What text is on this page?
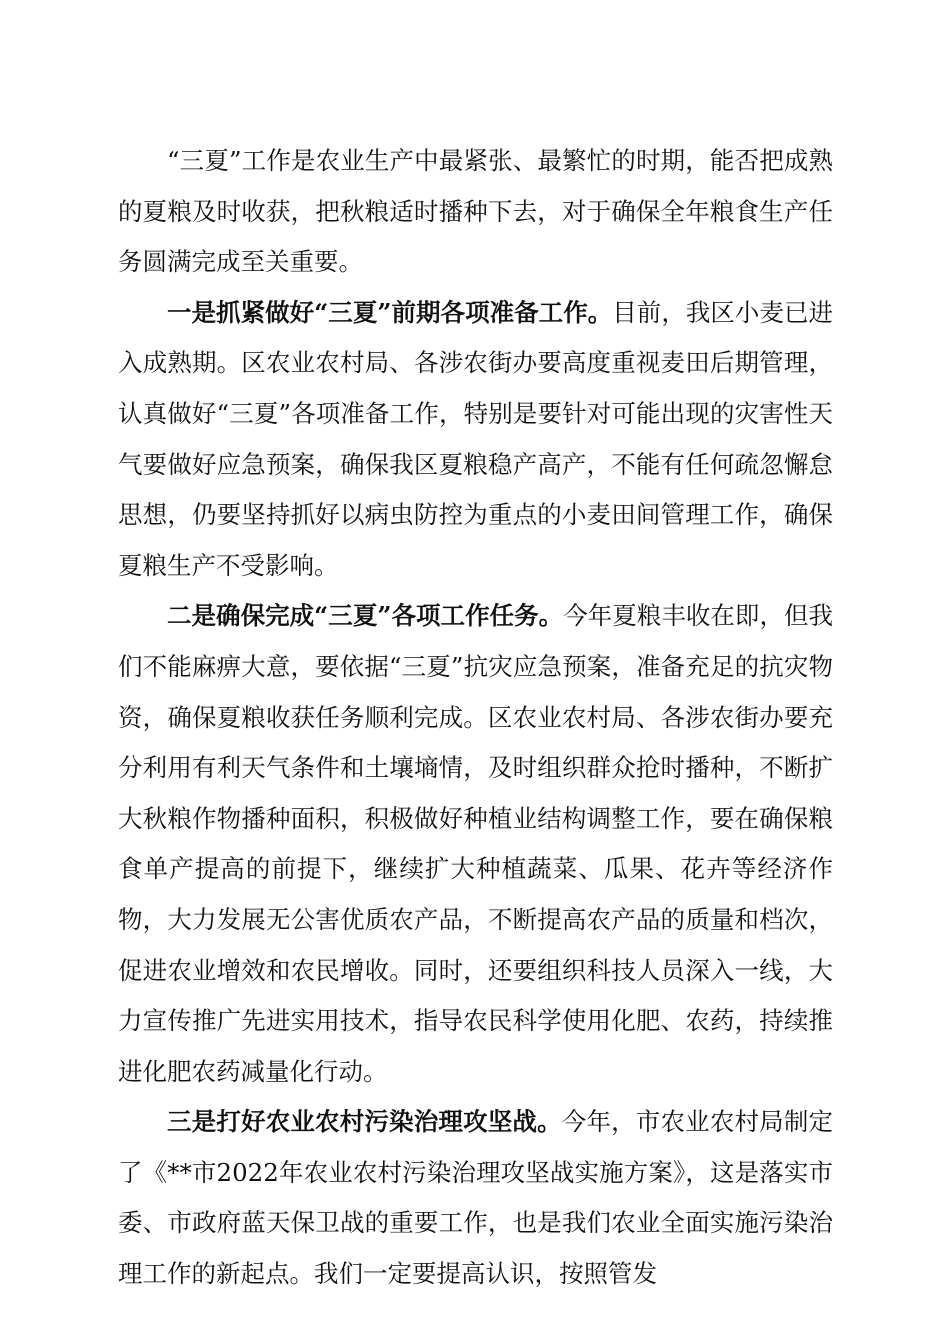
“三夏”工作是农业生产中最紧张、最繁忙的时期，能否把成熟的夏粮及时收获，把秋粮适时播种下去，对于确保全年粮食生产任务圆满完成至关重要。

一是抓紧做好“三夏”前期各项准备工作。目前，我区小麦已进入成熟期。区农业农村局、各涉农街办要高度重视麦田后期管理，认真做好“三夏”各项准备工作，特别是要针对可能出现的灾害性天气要做好应急预案，确保我区夏粮稳产高产，不能有任何疏忽懈怠思想，仍要坚持抓好以病虫防控为重点的小麦田间管理工作，确保夏粮生产不受影响。

二是确保完成“三夏”各项工作任务。今年夏粮丰收在即，但我们不能麻痹大意，要依据“三夏”抗灾应急预案，准备充足的抗灾物资，确保夏粮收获任务顺利完成。区农业农村局、各涉农街办要充分利用有利天气条件和土壤墒情，及时组织群众抢时播种，不断扩大秋粮作物播种面积，积极做好种植业结构调整工作，要在确保粮食单产提高的前提下，继续扩大种植蔬菜、瓜果、花卉等经济作物，大力发展无公害优质农产品，不断提高农产品的质量和档次，促进农业增效和农民增收。同时，还要组织科技人员深入一线，大力宣传推广先进实用技术，指导农民科学使用化肥、农药，持续推进化肥农药减量化行动。

三是打好农业农村污染治理攻坚战。今年，市农业农村局制定了《**市2022年农业农村污染治理攻坚战实施方案》，这是落实市委、市政府蓝天保卫战的重要工作，也是我们农业全面实施污染治理工作的新起点。我们一定要提高认识，按照管发
